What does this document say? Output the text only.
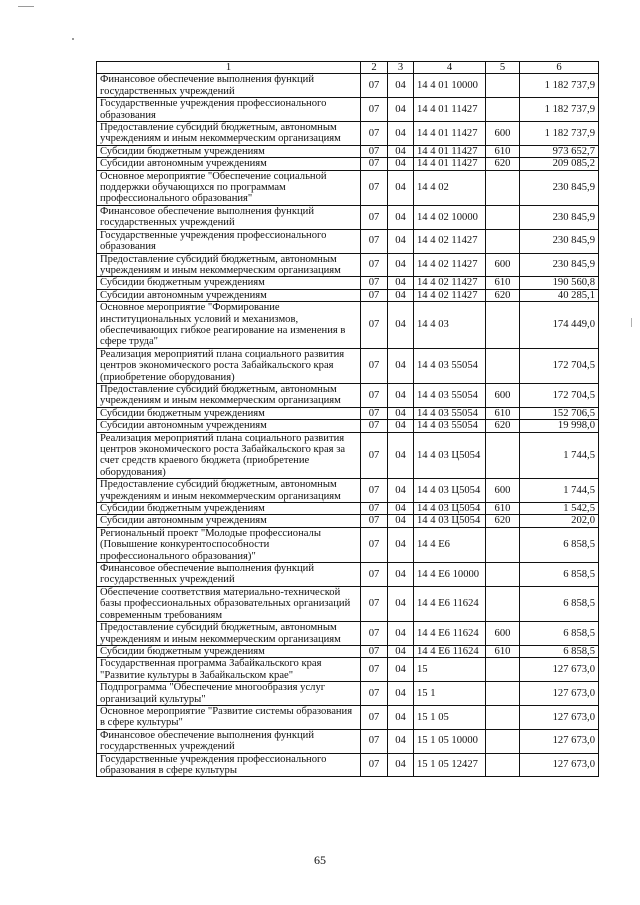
1	2	3	4	5	6
Финансовое обеспечение выполнения функций государственных учреждений	07	04	14 4 01 10000		1 182 737,9
Государственные учреждения профессионального образования	07	04	14 4 01 11427		1 182 737,9
Предоставление субсидий бюджетным, автономным учреждениям и иным некоммерческим организациям	07	04	14 4 01 11427	600	1 182 737,9
Субсидии бюджетным учреждениям	07	04	14 4 01 11427	610	973 652,7
Субсидии автономным учреждениям	07	04	14 4 01 11427	620	209 085,2
Основное мероприятие "Обеспечение социальной поддержки обучающихся по программам профессионального образования"	07	04	14 4 02		230 845,9
Финансовое обеспечение выполнения функций государственных учреждений	07	04	14 4 02 10000		230 845,9
Государственные учреждения профессионального образования	07	04	14 4 02 11427		230 845,9
Предоставление субсидий бюджетным, автономным учреждениям и иным некоммерческим организациям	07	04	14 4 02 11427	600	230 845,9
Субсидии бюджетным учреждениям	07	04	14 4 02 11427	610	190 560,8
Субсидии автономным учреждениям	07	04	14 4 02 11427	620	40 285,1
Основное мероприятие "Формирование институциональных условий и механизмов, обеспечивающих гибкое реагирование на изменения в сфере труда"	07	04	14 4 03		174 449,0
Реализация мероприятий плана социального развития центров экономического роста Забайкальского края (приобретение оборудования)	07	04	14 4 03 55054		172 704,5
Предоставление субсидий бюджетным, автономным учреждениям и иным некоммерческим организациям	07	04	14 4 03 55054	600	172 704,5
Субсидии бюджетным учреждениям	07	04	14 4 03 55054	610	152 706,5
Субсидии автономным учреждениям	07	04	14 4 03 55054	620	19 998,0
Реализация мероприятий плана социального развития центров экономического роста Забайкальского края за счет средств краевого бюджета (приобретение оборудования)	07	04	14 4 03 Ц5054		1 744,5
Предоставление субсидий бюджетным, автономным учреждениям и иным некоммерческим организациям	07	04	14 4 03 Ц5054	600	1 744,5
Субсидии бюджетным учреждениям	07	04	14 4 03 Ц5054	610	1 542,5
Субсидии автономным учреждениям	07	04	14 4 03 Ц5054	620	202,0
Региональный проект "Молодые профессионалы (Повышение конкурентоспособности профессионального образования)"	07	04	14 4 E6		6 858,5
Финансовое обеспечение выполнения функций государственных учреждений	07	04	14 4 E6 10000		6 858,5
Обеспечение соответствия материально-технической базы профессиональных образовательных организаций современным требованиям	07	04	14 4 E6 11624		6 858,5
Предоставление субсидий бюджетным, автономным учреждениям и иным некоммерческим организациям	07	04	14 4 E6 11624	600	6 858,5
Субсидии бюджетным учреждениям	07	04	14 4 E6 11624	610	6 858,5
Государственная программа Забайкальского края "Развитие культуры в Забайкальском крае"	07	04	15		127 673,0
Подпрограмма "Обеспечение многообразия услуг организаций культуры"	07	04	15 1		127 673,0
Основное мероприятие "Развитие системы образования в сфере культуры"	07	04	15 1 05		127 673,0
Финансовое обеспечение выполнения функций государственных учреждений	07	04	15 1 05 10000		127 673,0
Государственные учреждения профессионального образования в сфере культуры	07	04	15 1 05 12427		127 673,0
65
